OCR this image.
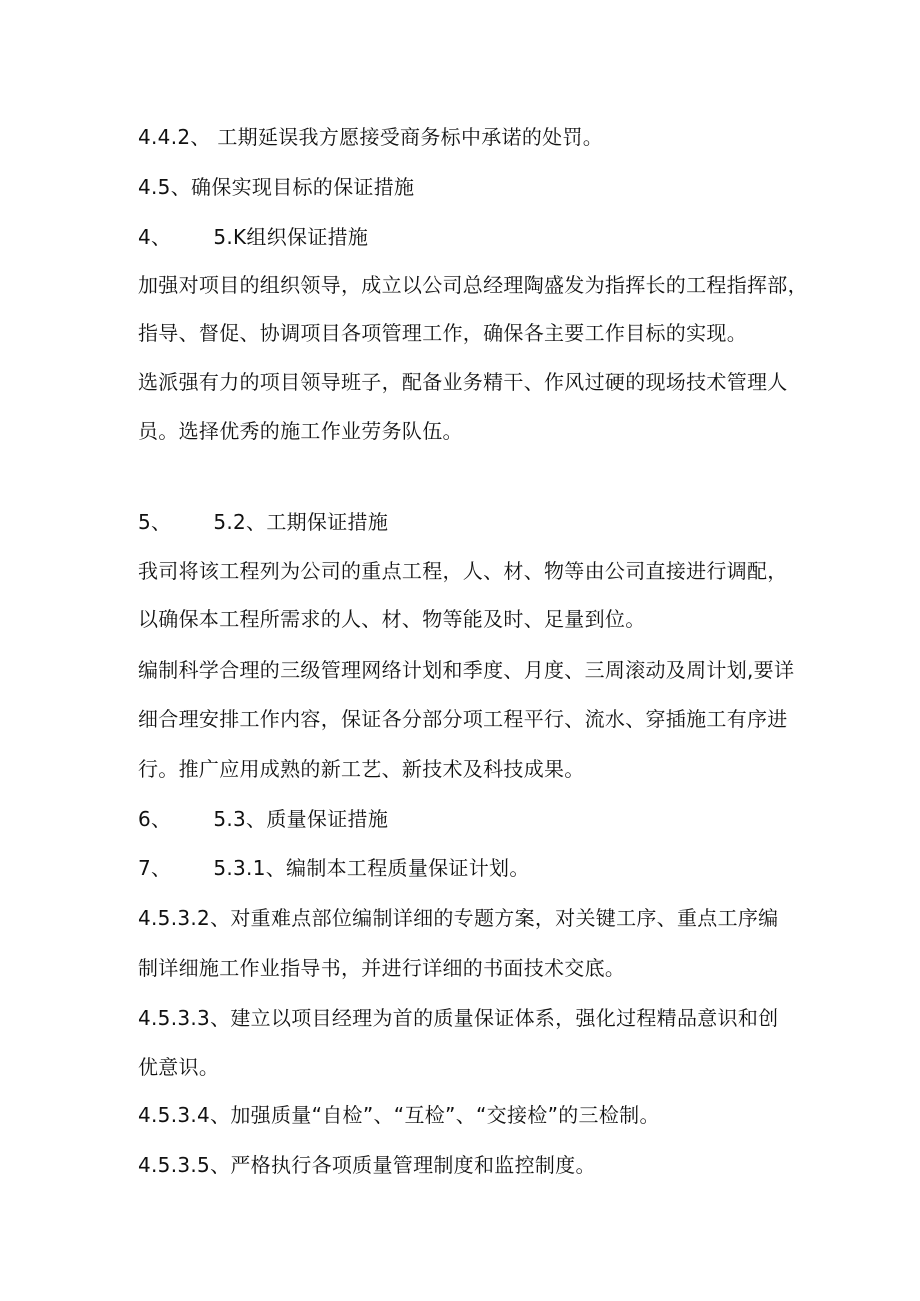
4.4.2、 工期延误我方愿接受商务标中承诺的处罚。
4.5、确保实现目标的保证措施
4、 5.K组织保证措施
加强对项目的组织领导，成立以公司总经理陶盛发为指挥长的工程指挥部，
指导、督促、协调项目各项管理工作，确保各主要工作目标的实现。
选派强有力的项目领导班子，配备业务精干、作风过硬的现场技术管理人
员。选择优秀的施工作业劳务队伍。
5、 5.2、工期保证措施
我司将该工程列为公司的重点工程，人、材、物等由公司直接进行调配，
以确保本工程所需求的人、材、物等能及时、足量到位。
编制科学合理的三级管理网络计划和季度、月度、三周滚动及周计划,要详
细合理安排工作内容，保证各分部分项工程平行、流水、穿插施工有序进
行。推广应用成熟的新工艺、新技术及科技成果。
6、 5.3、质量保证措施
7、 5.3.1、编制本工程质量保证计划。
4.5.3.2、对重难点部位编制详细的专题方案，对关键工序、重点工序编
制详细施工作业指导书，并进行详细的书面技术交底。
4.5.3.3、建立以项目经理为首的质量保证体系，强化过程精品意识和创
优意识。
4.5.3.4、加强质量“自检”、“互检”、“交接检”的三检制。
4.5.3.5、严格执行各项质量管理制度和监控制度。
